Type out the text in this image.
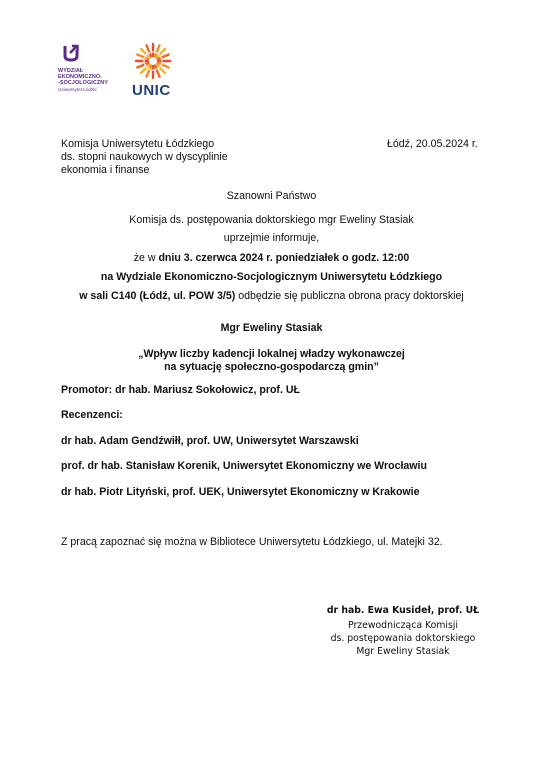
WYDZIAŁ
EKONOMICZNO-
-SOCJOLOGICZNY
Uniwersytet Łódzki UNIC
Komisja Uniwersytetu Łódzkiego
ds. stopni naukowych w dyscyplinie
ekonomia i finanse
Łódź, 20.05.2024 r.
Szanowni Państwo
Komisja ds. postępowania doktorskiego mgr Eweliny Stasiak
uprzejmie informuje,
że w dniu 3. czerwca 2024 r. poniedziałek o godz. 12:00
na Wydziale Ekonomiczno-Socjologicznym Uniwersytetu Łódzkiego
w sali C140 (Łódź, ul. POW 3/5) odbędzie się publiczna obrona pracy doktorskiej
Mgr Eweliny Stasiak
„Wpływ liczby kadencji lokalnej władzy wykonawczej
na sytuację społeczno-gospodarczą gmin”
Promotor: dr hab. Mariusz Sokołowicz, prof. UŁ
Recenzenci:
dr hab. Adam Gendźwiłł, prof. UW, Uniwersytet Warszawski
prof. dr hab. Stanisław Korenik, Uniwersytet Ekonomiczny we Wrocławiu
dr hab. Piotr Lityński, prof. UEK, Uniwersytet Ekonomiczny w Krakowie
Z pracą zapoznać się można w Bibliotece Uniwersytetu Łódzkiego, ul. Matejki 32.
dr hab. Ewa Kusideł, prof. UŁ
Przewodnicząca Komisji
ds. postępowania doktorskiego
Mgr Eweliny Stasiak
